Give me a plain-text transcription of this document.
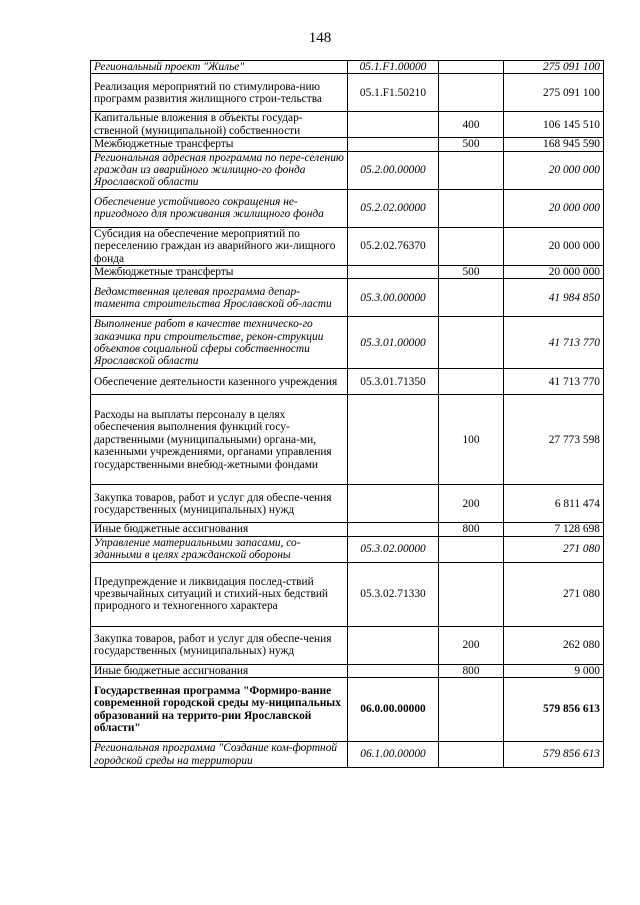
148
Региональный проект "Жилье"	05.1.F1.00000		275 091 100
Реализация мероприятий по стимулирова-нию программ развития жилищного строи-тельства	05.1.F1.50210		275 091 100
Капитальные вложения в объекты государ-ственной (муниципальной) собственности		400	106 145 510
Межбюджетные трансферты		500	168 945 590
Региональная адресная программа по пере-селению граждан из аварийного жилищно-го фонда Ярославской области	05.2.00.00000		20 000 000
Обеспечение устойчивого сокращения не-пригодного для проживания жилищного фонда	05.2.02.00000		20 000 000
Субсидия на обеспечение мероприятий по переселению граждан из аварийного жи-лищного фонда	05.2.02.76370		20 000 000
Межбюджетные трансферты		500	20 000 000
Ведомственная целевая программа депар-тамента строительства Ярославской об-ласти	05.3.00.00000		41 984 850
Выполнение работ в качестве техническо-го заказчика при строительстве, рекон-струкции объектов социальной сферы собственности Ярославской области	05.3.01.00000		41 713 770
Обеспечение деятельности казенного учреждения	05.3.01.71350		41 713 770
Расходы на выплаты персоналу в целях обеспечения выполнения функций госу-дарственными (муниципальными) органа-ми, казенными учреждениями, органами управления государственными внебюд-жетными фондами		100	27 773 598
Закупка товаров, работ и услуг для обеспе-чения государственных (муниципальных) нужд		200	6 811 474
Иные бюджетные ассигнования		800	7 128 698
Управление материальными запасами, со-зданными в целях гражданской обороны	05.3.02.00000		271 080
Предупреждение и ликвидация послед-ствий чрезвычайных ситуаций и стихий-ных бедствий природного и техногенного характера	05.3.02.71330		271 080
Закупка товаров, работ и услуг для обеспе-чения государственных (муниципальных) нужд		200	262 080
Иные бюджетные ассигнования		800	9 000
Государственная программа "Формиро-вание современной городской среды му-ниципальных образований на террито-рии Ярославской области"	06.0.00.00000		579 856 613
Региональная программа "Создание ком-фортной городской среды на территории	06.1.00.00000		579 856 613
